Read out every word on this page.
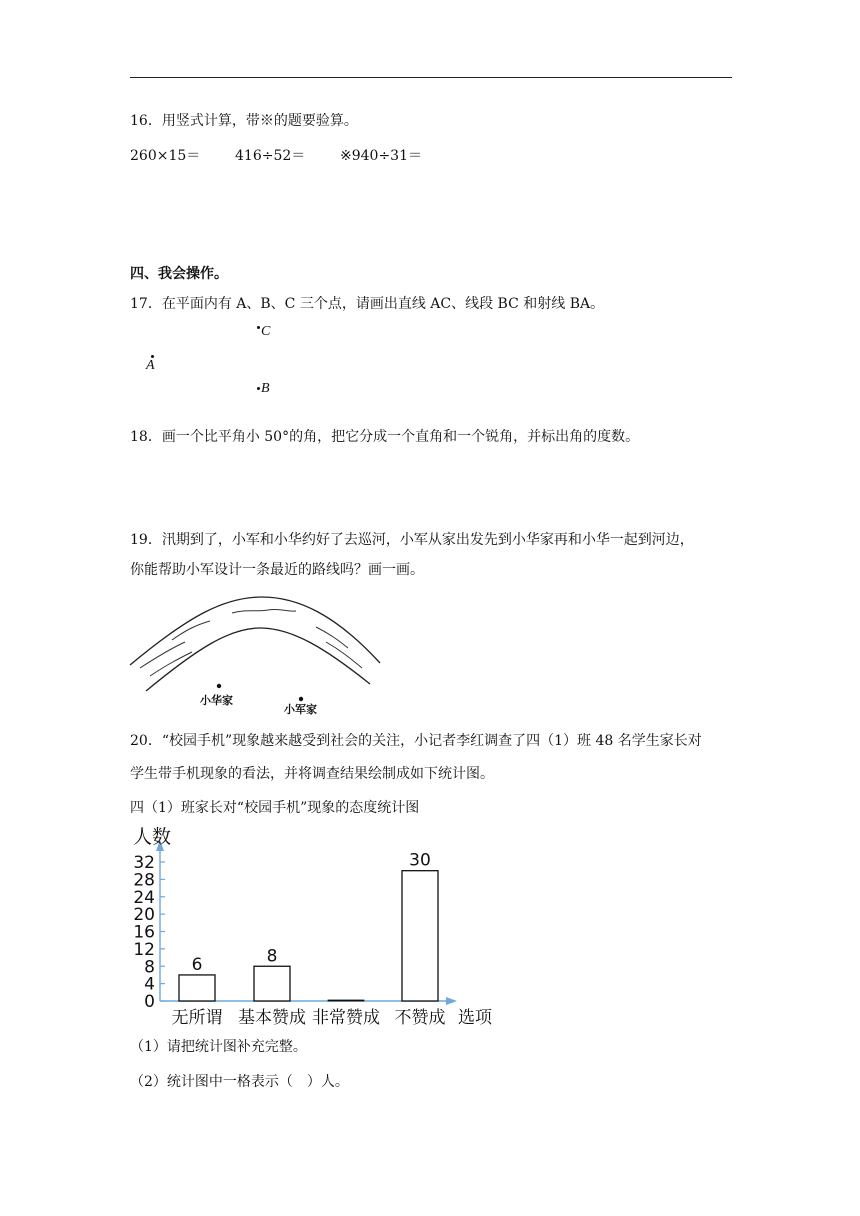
16．用竖式计算，带※的题要验算。
260×15＝ 416÷52＝ ※940÷31＝
四、我会操作。
17．在平面内有 A、B、C 三个点，请画出直线 AC、线段 BC 和射线 BA。
C
A
B
18．画一个比平角小 50°的角，把它分成一个直角和一个锐角，并标出角的度数。
19．汛期到了，小军和小华约好了去巡河，小军从家出发先到小华家再和小华一起到河边，
你能帮助小军设计一条最近的路线吗？画一画。
小华家
小军家
20．“校园手机”现象越来越受到社会的关注，小记者李红调查了四（1）班 48 名学生家长对
学生带手机现象的看法，并将调查结果绘制成如下统计图。
四（1）班家长对“校园手机”现象的态度统计图
人数
选项
0
4
8
12
16
20
24
28
32
6
无所谓
8
基本赞成 非常赞成
30
不赞成
（1）请把统计图补充完整。
（2）统计图中一格表示（　）人。
